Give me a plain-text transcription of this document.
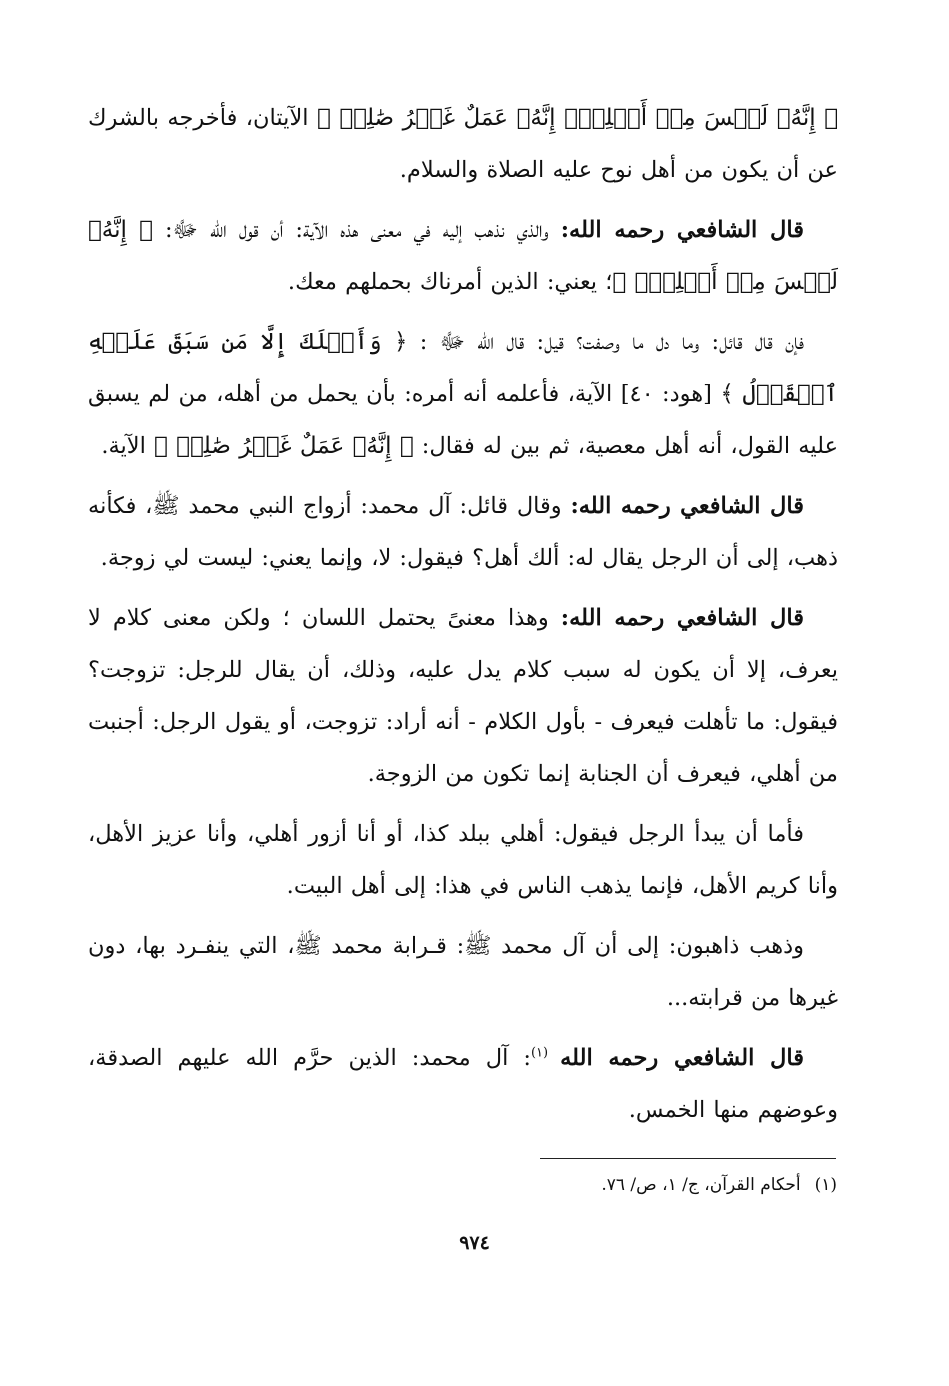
﴿ إِنَّهُۥ لَيۡسَ مِنۡ أَهۡلِكَۖ إِنَّهُۥ عَمَلٌ غَيۡرُ صَٰلِحٖ ﴾ الآيتان، فأخرجه بالشرك عن أن يكون من أهل نوح عليه الصلاة والسلام.

قال الشافعي رحمه الله: والذي نذهب إليه في معنى هذه الآية: أن قول الله ﷻ: ﴿ إِنَّهُۥ لَيۡسَ مِنۡ أَهۡلِكَۖ ﴾؛ يعني: الذين أمرناك بحملهم معك.

فإن قال قائل: وما دل ما وصفت؟ قيل: قال الله ﷻ : ﴿ وَأَهۡلَكَ إِلَّا مَن سَبَقَ عَلَيۡهِ ٱلۡقَوۡلُ ﴾ [هود: ٤٠] الآية، فأعلمه أنه أمره: بأن يحمل من أهله، من لم يسبق عليه القول، أنه أهل معصية، ثم بين له فقال: ﴿ إِنَّهُۥ عَمَلٌ غَيۡرُ صَٰلِحٖ ﴾ الآية.

قال الشافعي رحمه الله: وقال قائل: آل محمد: أزواج النبي محمد ﷺ، فكأنه ذهب، إلى أن الرجل يقال له: ألك أهل؟ فيقول: لا، وإنما يعني: ليست لي زوجة.

قال الشافعي رحمه الله: وهذا معنىً يحتمل اللسان ؛ ولكن معنى كلام لا يعرف، إلا أن يكون له سبب كلام يدل عليه، وذلك، أن يقال للرجل: تزوجت؟ فيقول: ما تأهلت فيعرف - بأول الكلام - أنه أراد: تزوجت، أو يقول الرجل: أجنبت من أهلي، فيعرف أن الجنابة إنما تكون من الزوجة.

فأما أن يبدأ الرجل فيقول: أهلي ببلد كذا، أو أنا أزور أهلي، وأنا عزيز الأهل، وأنا كريم الأهل، فإنما يذهب الناس في هذا: إلى أهل البيت.

وذهب ذاهبون: إلى أن آل محمد ﷺ: قـرابة محمد ﷺ، التي ينفـرد بها، دون غيرها من قرابته...

قال الشافعي رحمه الله $^{(١)}$: آل محمد: الذين حرَّم الله عليهم الصدقة، وعوضهم منها الخمس.

(١)أحكام القرآن، ج/ ١، ص/ ٧٦.
٩٧٤
